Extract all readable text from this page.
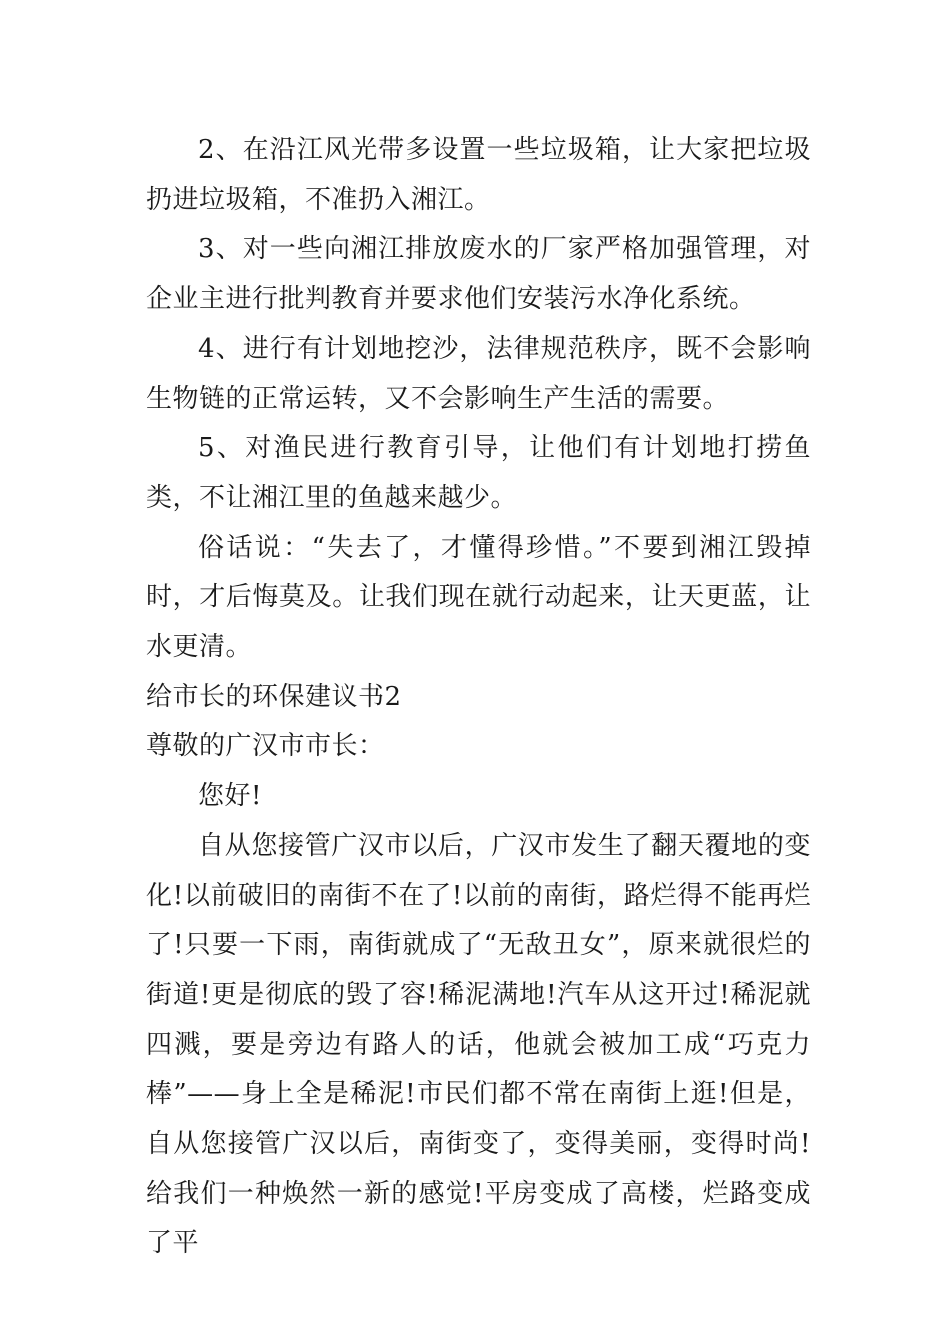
2、在沿江风光带多设置一些垃圾箱，让大家把垃圾扔进垃圾箱，不准扔入湘江。

3、对一些向湘江排放废水的厂家严格加强管理，对企业主进行批判教育并要求他们安装污水净化系统。

4、进行有计划地挖沙，法律规范秩序，既不会影响生物链的正常运转，又不会影响生产生活的需要。

5、对渔民进行教育引导，让他们有计划地打捞鱼类，不让湘江里的鱼越来越少。

俗话说：“失去了，才懂得珍惜。”不要到湘江毁掉时，才后悔莫及。让我们现在就行动起来，让天更蓝，让水更清。

给市长的环保建议书2

尊敬的广汉市市长：

您好!

自从您接管广汉市以后，广汉市发生了翻天覆地的变化!以前破旧的南街不在了!以前的南街，路烂得不能再烂了!只要一下雨，南街就成了“无敌丑女”，原来就很烂的街道!更是彻底的毁了容!稀泥满地!汽车从这开过!稀泥就四溅，要是旁边有路人的话，他就会被加工成“巧克力棒”——身上全是稀泥!市民们都不常在南街上逛!但是，自从您接管广汉以后，南街变了，变得美丽，变得时尚!给我们一种焕然一新的感觉!平房变成了高楼，烂路变成了平
